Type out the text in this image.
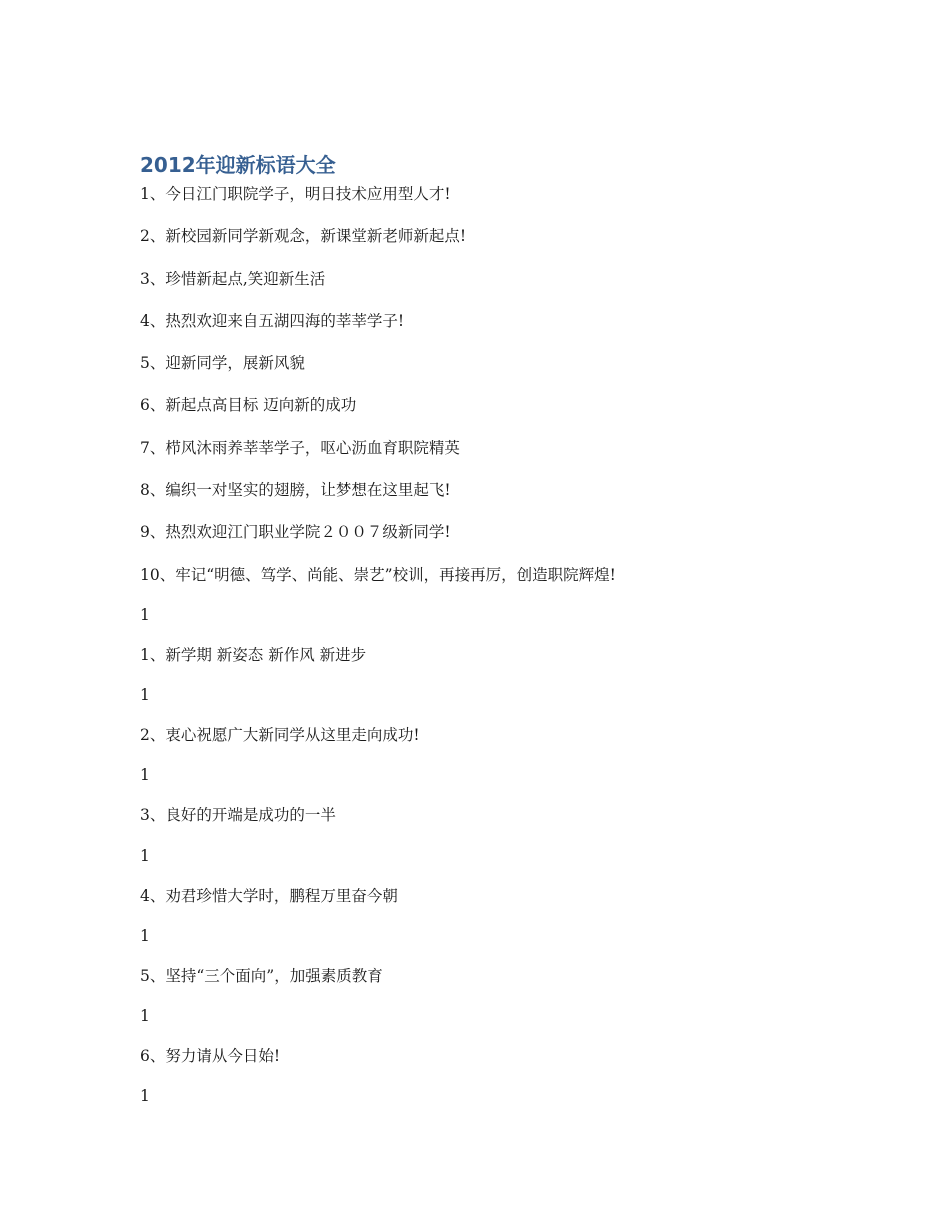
2012年迎新标语大全
1、今日江门职院学子，明日技术应用型人才!
2、新校园新同学新观念，新课堂新老师新起点!
3、珍惜新起点,笑迎新生活
4、热烈欢迎来自五湖四海的莘莘学子!
5、迎新同学，展新风貌
6、新起点高目标 迈向新的成功
7、栉风沐雨养莘莘学子，呕心沥血育职院精英
8、编织一对坚实的翅膀，让梦想在这里起飞!
9、热烈欢迎江门职业学院２００７级新同学!
10、牢记“明德、笃学、尚能、崇艺”校训，再接再厉，创造职院辉煌!
1
1、新学期 新姿态 新作风 新进步
1
2、衷心祝愿广大新同学从这里走向成功!
1
3、良好的开端是成功的一半
1
4、劝君珍惜大学时，鹏程万里奋今朝
1
5、坚持“三个面向”，加强素质教育
1
6、努力请从今日始!
1
